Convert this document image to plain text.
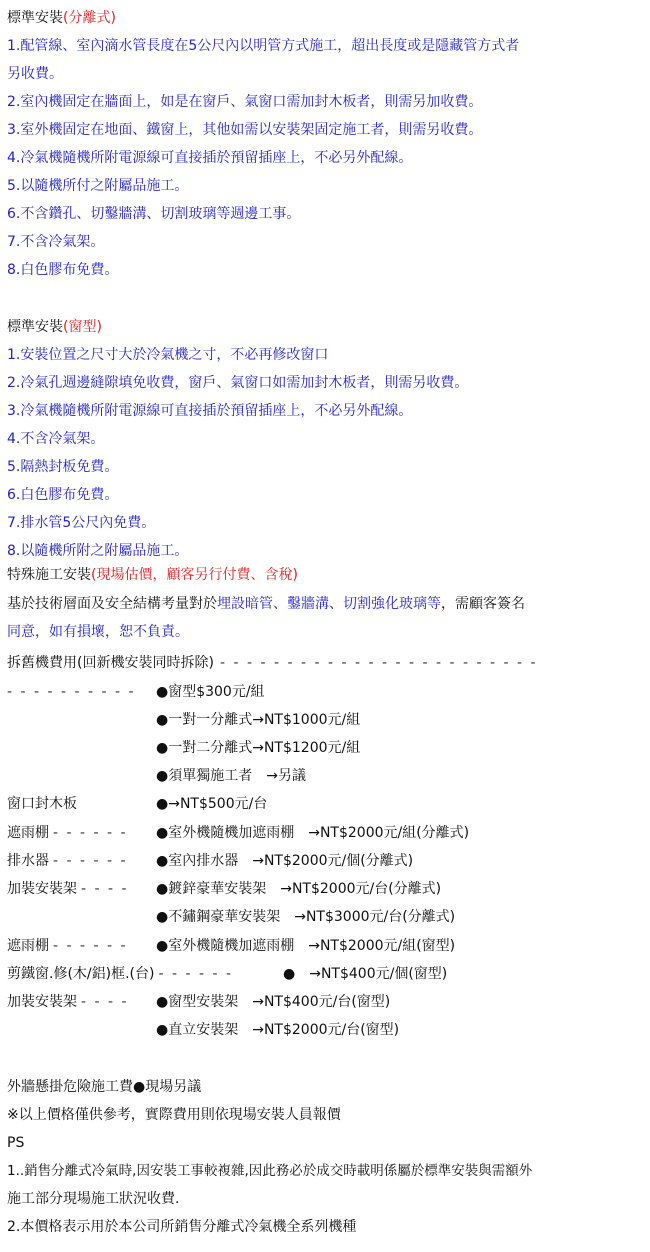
標準安裝(分離式)
1.配管線、室內滴水管長度在5公尺內以明管方式施工，超出長度或是隱藏管方式者
另收費。
2.室內機固定在牆面上，如是在窗戶、氣窗口需加封木板者，則需另加收費。
3.室外機固定在地面、鐵窗上，其他如需以安裝架固定施工者，則需另收費。
4.冷氣機隨機所附電源線可直接插於預留插座上，不必另外配線。
5.以隨機所付之附屬品施工。
6.不含鑽孔、切鑿牆溝、切割玻璃等週邊工事。
7.不含冷氣架。
8.白色膠布免費。
標準安裝(窗型)
1.安裝位置之尺寸大於冷氣機之寸，不必再修改窗口
2.冷氣孔週邊縫隙填免收費，窗戶、氣窗口如需加封木板者，則需另收費。
3.冷氣機隨機所附電源線可直接插於預留插座上，不必另外配線。
4.不含冷氣架。
5.隔熱封板免費。
6.白色膠布免費。
7.排水管5公尺內免費。
8.以隨機所附之附屬品施工。
特殊施工安裝(現場估價，顧客另行付費、含稅)
基於技術層面及安全結構考量對於埋設暗管、鑿牆溝、切割強化玻璃等，需顧客簽名
同意，如有損壞，恕不負責。
拆舊機費用(回新機安裝同時拆除) - - - - - - - - - - - - - - - - - - - - - - - -
- - - - - - - - - - ●窗型$300元/組
●一對一分離式→NT$1000元/組
●一對二分離式→NT$1200元/組
●須單獨施工者　→另議
窗口封木板	●→NT$500元/台
遮雨棚 - - - - - - ●室外機隨機加遮雨棚　→NT$2000元/組(分離式)
排水器 - - - - - - ●室內排水器　→NT$2000元/個(分離式)
加裝安裝架 - - - - ●鍍鋅豪華安裝架　→NT$2000元/台(分離式)
●不鏽鋼豪華安裝架　→NT$3000元/台(分離式)
遮雨棚 - - - - - - ●室外機隨機加遮雨棚　→NT$2000元/組(窗型)
剪鐵窗.修(木/鋁)框.(台) - - - - - -	●　→NT$400元/個(窗型)
加裝安裝架 - - - - ●窗型安裝架　→NT$400元/台(窗型)
●直立安裝架　→NT$2000元/台(窗型)
外牆懸掛危險施工費●現場另議
※以上價格僅供參考，實際費用則依現場安裝人員報價
PS
1..銷售分離式冷氣時,因安裝工事較複雜,因此務必於成交時載明係屬於標準安裝與需額外
施工部分現場施工狀況收費.
2.本價格表示用於本公司所銷售分離式冷氣機全系列機種
